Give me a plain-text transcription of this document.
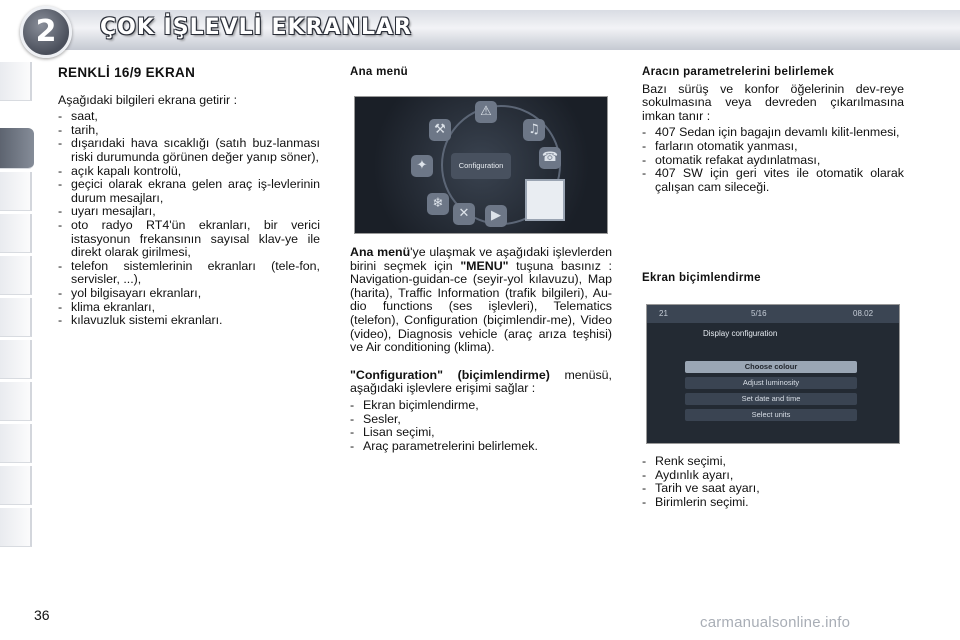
2	ÇOK İŞLEVLİ EKRANLAR
RENKLİ 16/9 EKRAN

Aşağıdaki bilgileri ekrana getirir :

- saat,
- tarih,
- dışarıdaki hava sıcaklığı (satıh buz-lanması riski durumunda görünen değer yanıp söner),
- açık kapalı kontrolü,
- geçici olarak ekrana gelen araç iş-levlerinin durum mesajları,
- uyarı mesajları,
- oto radyo RT4'ün ekranları, bir verici istasyonun frekansının sayısal klav-ye ile direkt olarak girilmesi,
- telefon sistemlerinin ekranları (tele-fon, servisler, ...),
- yol bilgisayarı ekranları,
- klima ekranları,
- kılavuzluk sistemi ekranları.
Ana menü
⚠
⚒	♫
✦
☎
❄
✕	▶
Configuration

Ana menü'ye ulaşmak ve aşağıdaki işlevlerden birini seçmek için "MENU" tuşuna basınız : Navigation-guidan-ce (seyir-yol kılavuzu), Map (harita), Traffic Information (trafik bilgileri), Au-dio functions (ses işlevleri), Telematics (telefon), Configuration (biçimlendir-me), Video (video), Diagnosis vehicle (araç arıza teşhisi) ve Air conditioning (klima).

"Configuration" (biçimlendirme) menüsü, aşağıdaki işlevlere erişimi sağlar :

- Ekran biçimlendirme,
- Sesler,
- Lisan seçimi,
- Araç parametrelerini belirlemek.
Aracın parametrelerini belirlemek

Bazı sürüş ve konfor öğelerinin dev-reye sokulmasına veya devreden çıkarılmasına imkan tanır :

- 407 Sedan için bagajın devamlı kilit-lenmesi,
- farların otomatik yanması,
- otomatik refakat aydınlatması,
- 407 SW için geri vites ile otomatik olarak çalışan cam sileceği.
Ekran biçimlendirme
21	5/16	08.02
Display configuration
Choose colour
Adjust luminosity
Set date and time
Select units
- Renk seçimi,
- Aydınlık ayarı,
- Tarih ve saat ayarı,
- Birimlerin seçimi.
36	carmanualsonline.info
